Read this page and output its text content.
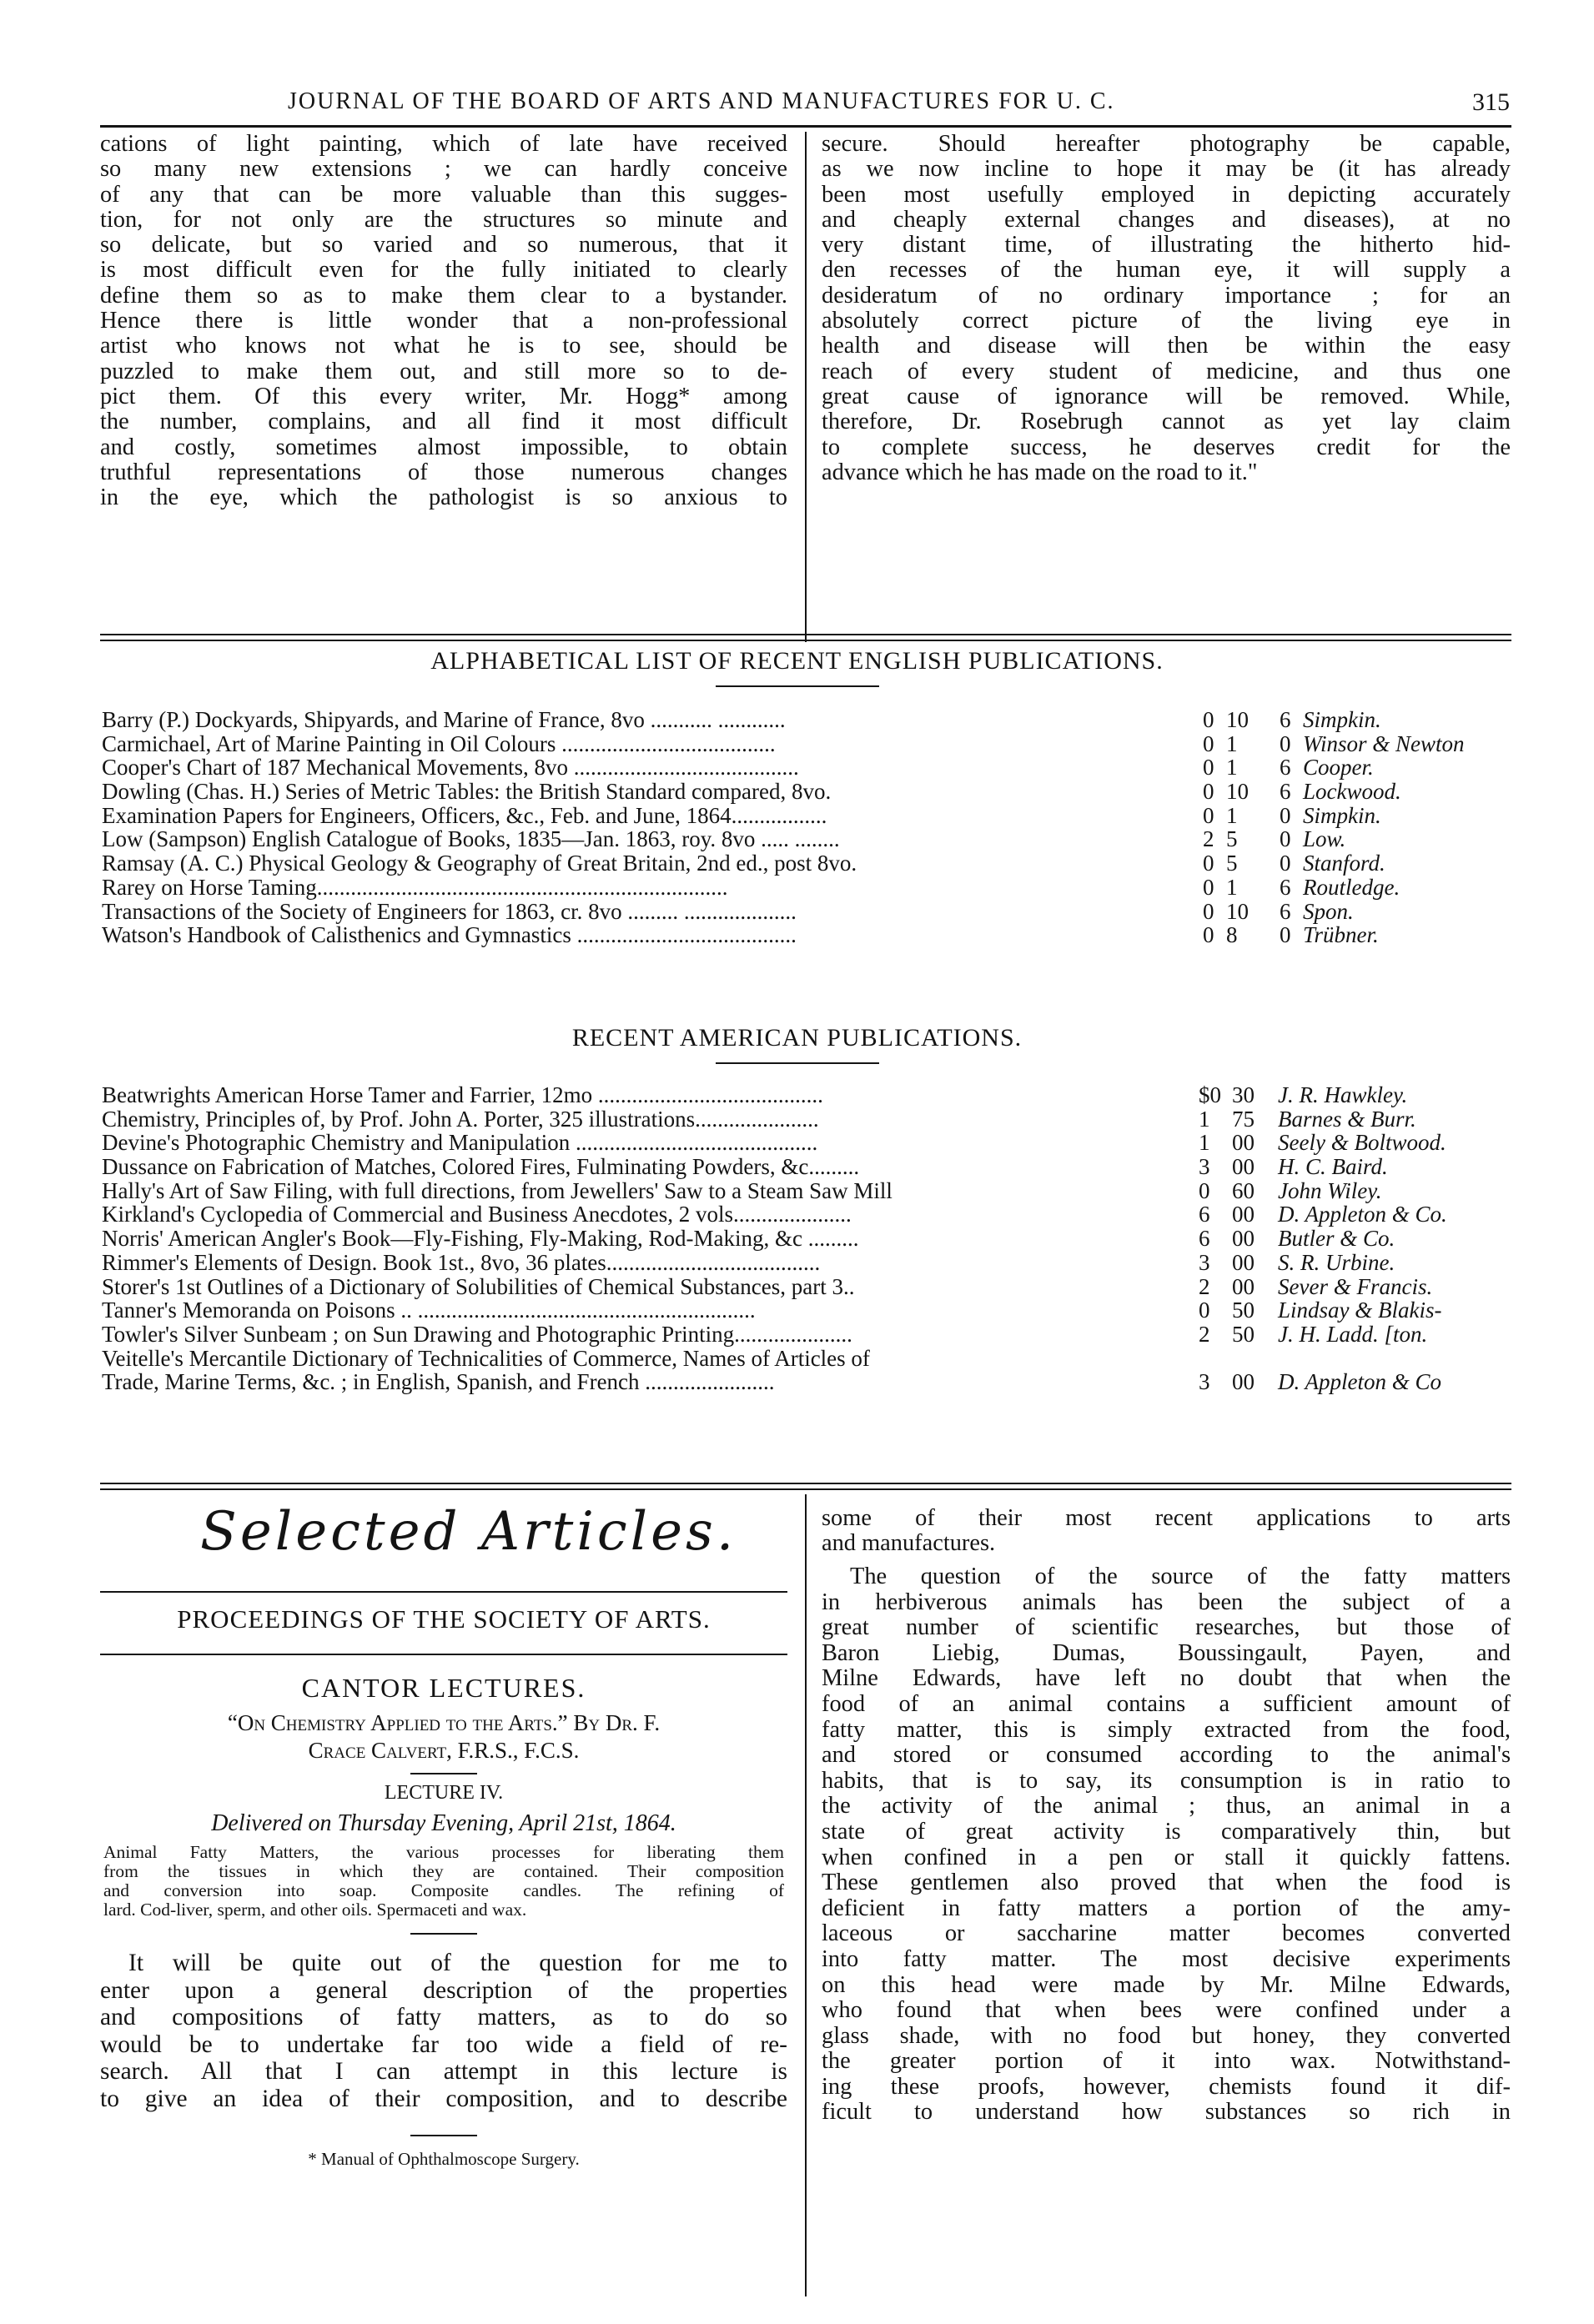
JOURNAL OF THE BOARD OF ARTS AND MANUFACTURES FOR U. C.	315
cations of light painting, which of late have received
so many new extensions ; we can hardly conceive
of any that can be more valuable than this sugges-
tion, for not only are the structures so minute and
so delicate, but so varied and so numerous, that it
is most difficult even for the fully initiated to clearly
define them so as to make them clear to a bystander.
Hence there is little wonder that a non-professional
artist who knows not what he is to see, should be
puzzled to make them out, and still more so to de-
pict them. Of this every writer, Mr. Hogg* among
the number, complains, and all find it most difficult
and costly, sometimes almost impossible, to obtain
truthful representations of those numerous changes
in the eye, which the pathologist is so anxious to
secure. Should hereafter photography be capable,
as we now incline to hope it may be (it has already
been most usefully employed in depicting accurately
and cheaply external changes and diseases), at no
very distant time, of illustrating the hitherto hid-
den recesses of the human eye, it will supply a
desideratum of no ordinary importance ; for an
absolutely correct picture of the living eye in
health and disease will then be within the easy
reach of every student of medicine, and thus one
great cause of ignorance will be removed. While,
therefore, Dr. Rosebrugh cannot as yet lay claim
to complete success, he deserves credit for the
advance which he has made on the road to it."
ALPHABETICAL LIST OF RECENT ENGLISH PUBLICATIONS.
Barry (P.) Dockyards, Shipyards, and Marine of France, 8vo ........... ............	0 10 6 Simpkin.
Carmichael, Art of Marine Painting in Oil Colours ......................................	0 1 0 Winsor & Newton
Cooper's Chart of 187 Mechanical Movements, 8vo ........................................	0 1 6 Cooper.
Dowling (Chas. H.) Series of Metric Tables: the British Standard compared, 8vo.	0 10 6 Lockwood.
Examination Papers for Engineers, Officers, &c., Feb. and June, 1864.................	0 1 0 Simpkin.
Low (Sampson) English Catalogue of Books, 1835—Jan. 1863, roy. 8vo ..... ........	2 5 0 Low.
Ramsay (A. C.) Physical Geology & Geography of Great Britain, 2nd ed., post 8vo.	0 5 0 Stanford.
Rarey on Horse Taming.........................................................................	0 1 6 Routledge.
Transactions of the Society of Engineers for 1863, cr. 8vo ......... ....................	0 10 6 Spon.
Watson's Handbook of Calisthenics and Gymnastics .......................................	0 8 0 Trübner.
RECENT AMERICAN PUBLICATIONS.
Beatwrights American Horse Tamer and Farrier, 12mo ........................................	$0 30 J. R. Hawkley.
Chemistry, Principles of, by Prof. John A. Porter, 325 illustrations......................	1 75 Barnes & Burr.
Devine's Photographic Chemistry and Manipulation ...........................................	1 00 Seely & Boltwood.
Dussance on Fabrication of Matches, Colored Fires, Fulminating Powders, &c.........	3 00 H. C. Baird.
Hally's Art of Saw Filing, with full directions, from Jewellers' Saw to a Steam Saw Mill	0 60 John Wiley.
Kirkland's Cyclopedia of Commercial and Business Anecdotes, 2 vols.....................	6 00 D. Appleton & Co.
Norris' American Angler's Book—Fly-Fishing, Fly-Making, Rod-Making, &c .........	6 00 Butler & Co.
Rimmer's Elements of Design. Book 1st., 8vo, 36 plates......................................	3 00 S. R. Urbine.
Storer's 1st Outlines of a Dictionary of Solubilities of Chemical Substances, part 3..	2 00 Sever & Francis.
Tanner's Memoranda on Poisons .. ............................................................	0 50 Lindsay & Blakis-
Towler's Silver Sunbeam ; on Sun Drawing and Photographic Printing.....................	2 50 J. H. Ladd. [ton.
Veitelle's Mercantile Dictionary of Technicalities of Commerce, Names of Articles of
Trade, Marine Terms, &c. ; in English, Spanish, and French .......................	3 00 D. Appleton & Co
Selected Articles.
PROCEEDINGS OF THE SOCIETY OF ARTS.
CANTOR LECTURES.
“On Chemistry Applied to the Arts.” By Dr. F.
Crace Calvert, F.R.S., F.C.S.
LECTURE IV.
Delivered on Thursday Evening, April 21st, 1864.
Animal Fatty Matters, the various processes for liberating them
from the tissues in which they are contained. Their composition
and conversion into soap. Composite candles. The refining of
lard. Cod-liver, sperm, and other oils. Spermaceti and wax.
It will be quite out of the question for me to
enter upon a general description of the properties
and compositions of fatty matters, as to do so
would be to undertake far too wide a field of re-
search. All that I can attempt in this lecture is
to give an idea of their composition, and to describe
* Manual of Ophthalmoscope Surgery.
some of their most recent applications to arts
and manufactures.
The question of the source of the fatty matters
in herbiverous animals has been the subject of a
great number of scientific researches, but those of
Baron Liebig, Dumas, Boussingault, Payen, and
Milne Edwards, have left no doubt that when the
food of an animal contains a sufficient amount of
fatty matter, this is simply extracted from the food,
and stored or consumed according to the animal's
habits, that is to say, its consumption is in ratio to
the activity of the animal ; thus, an animal in a
state of great activity is comparatively thin, but
when confined in a pen or stall it quickly fattens.
These gentlemen also proved that when the food is
deficient in fatty matters a portion of the amy-
laceous or saccharine matter becomes converted
into fatty matter. The most decisive experiments
on this head were made by Mr. Milne Edwards,
who found that when bees were confined under a
glass shade, with no food but honey, they converted
the greater portion of it into wax. Notwithstand-
ing these proofs, however, chemists found it dif-
ficult to understand how substances so rich in
